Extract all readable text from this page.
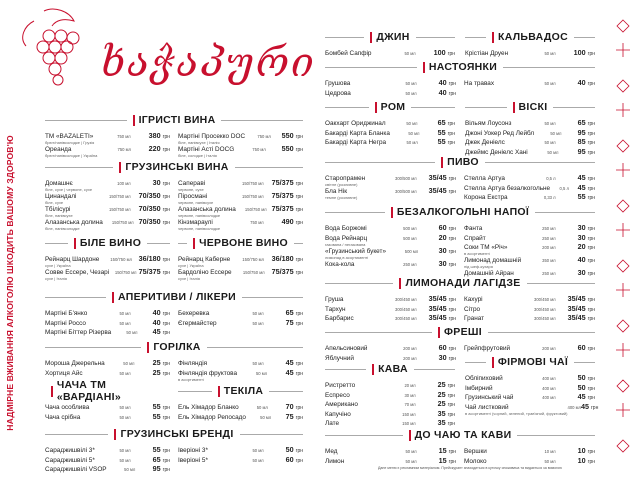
НАДМІРНЕ ВЖИВАННЯ АЛКОГОЛЮ ШКОДИТЬ ВАШОМУ ЗДОРОВ'Ю
ხაჭაპური
ІГРИСТІ ВИНА
ТМ «BAZALETI»
брют/напівсолодке | Грузія
750 мл	380 грн
Ореанда
брют/напівсолодке | Україна
750 мл	220 грн
Мартіні Просекко DOC
біле, напівсухе | Італія
750 мл	550 грн
Мартіні Асті DOCG
біле, солодке | Італія
750 мл	550 грн
ГРУЗИНСЬКІ ВИНА
Домашнє
біле, сухе | червоне, сухе
100 мл	30 грн
Цинандалі
біле, сухе
150/750 мл	70/350 грн
Тбілісурі
біле, напівсухе
150/750 мл	70/350 грн
Алазанська долина
біле, напівсолодке
150/750 мл 70/350 грн
Сапераві
червоне, сухе
150/750 мл	75/375 грн
Пiросмані
червоне, напівсухе
150/750 мл	75/375 грн
Алазанська долина
червоне, напівсолодке
150/750 мл 75/375 грн
Кінзмараулі
червоне, напівсолодке
750 мл	490 грн
БІЛЕ ВИНО
Рейнарц Шардоне
сухе | Україна
150/750 мл 36/180 грн
Совве Ессере, Чезарі
сухе | Італія
150/750 мл 75/375 грн
ЧЕРВОНЕ ВИНО
Рейнарц Каберне
сухе | Україна
150/750 мл	36/180 грн
Бардоліно Ессере
сухе | Італія
150/750 мл 75/375 грн
АПЕРИТИВИ / ЛІКЕРИ
Мартіні Б'янко	50 мл	40 грн
Мартіні Россо	50 мл	40 грн
Мартіні Біттер Різерва	50 мл	45 грн
Бехеревка	50 мл	65 грн
Єгермайстер	50 мл	75 грн
ГОРІЛКА
Мороша Джерельна	50 мл	25 грн
Хортиця Айс	50 мл	25 грн
Фінляндія	50 мл	45 грн
Фінляндія фруктова
в асортименті
50 мл	45 грн
ЧАЧА ТМ «ВАРДІАНІ»
Чача особлива	50 мл	55 грн
Чача срібна	50 мл	55 грн
ТЕКІЛА
Ель Хімадор Бланко	50 мл	70 грн
Ель Хімадор Репосадо	50 мл	75 грн
ГРУЗИНСЬКІ БРЕНДІ
Сараджишвілі 3*	50 мл	55 грн
Сараджишвілі 5*	50 мл	65 грн
Сараджишвілі VSOP	50 мл	95 грн
Іверіоні 3*	50 мл	50 грн
Іверіоні 5*	50 мл	60 грн
ДЖИН
Бомбей Сапфір	50 мл	100 грн
КАЛЬВАДОС
Крістіан Друен	50 мл	100 грн
НАСТОЯНКИ
Грушова	50 мл	40 грн
Цедрова	50 мл	40 грн
На травах	50 мл	40 грн
РОМ
Оакхарт Ориджинал	50 мл	65 грн
Бакарді Карта Бланка	50 мл	55 грн
Бакарді Карта Негра	50 мл	55 грн
ВІСКІ
Вільям Лоусонз	50 мл	65 грн
Джоні Уокер Ред Лейбл	50 мл	95 грн
Джек Деніелс	50 мл	85 грн
Джеймс Деніелс Хані	50 мл	95 грн
ПИВО
Старопрамен
світле (розливне)
300/500 мл	35/45 грн
Бла Нік
темне (розливне)
300/500 мл	35/45 грн
Стелла Артуа	0,5 л	45 грн
Стелла Артуа безалкогольне	0,5 л	45 грн
Корона Екстра	0,33 л	55 грн
БЕЗАЛКОГОЛЬНІ НАПОЇ
Вода Боржомі	500 мл	60 грн
Вода Рейнарц
газована / негазована
500 мл	20 грн
«Грузинський букет»
лимонад в асортименті
500 мл	30 грн
Кока-кола	250 мл	30 грн
Фанта	250 мл	30 грн
Спрайт	250 мл	30 грн
Соки ТМ «Річ»
в асортименті
200 мл	20 грн
Лимонад домашній
під шеф-кухаря
350 мл	40 грн
Домашній Айран	250 мл	30 грн
ЛИМОНАДИ ЛАГІДЗЕ
Груша	300/450 мл	35/45 грн
Тархун	300/450 мл	35/45 грн
Барбарис	300/450 мл	35/45 грн
Кахурі	300/450 мл	35/45 грн
Сітро	300/450 мл	35/45 грн
Гранат	300/450 мл	35/45 грн
ФРЕШІ
Апельсиновий	200 мл	60 грн
Яблучний	200 мл	30 грн
Грейпфрутовий	200 мл	60 грн
КАВА
Ристретто	20 мл	25 грн
Еспресо	30 мл	25 грн
Американо	70 мл	25 грн
Капучіно	150 мл	35 грн
Лате	150 мл	35 грн
ФІРМОВІ ЧАЇ
Обліпиховий	400 мл	50 грн
Імбирний	400 мл	50 грн
Грузинський чай	400 мл	45 грн
Чай листковий
в асортименті (чорний, зелений, трав'яний, фруктовий)
400 мл 45 грн
ДО ЧАЮ ТА КАВИ
Мед	50 мл	15 грн
Лимон	50 мл	15 грн
Вершки	10 мл	10 грн
Молоко	50 мл	10 грн
Дане меню є рекламним матеріалом. Прейскурант знаходиться в куточку споживача та видається за вимогою
